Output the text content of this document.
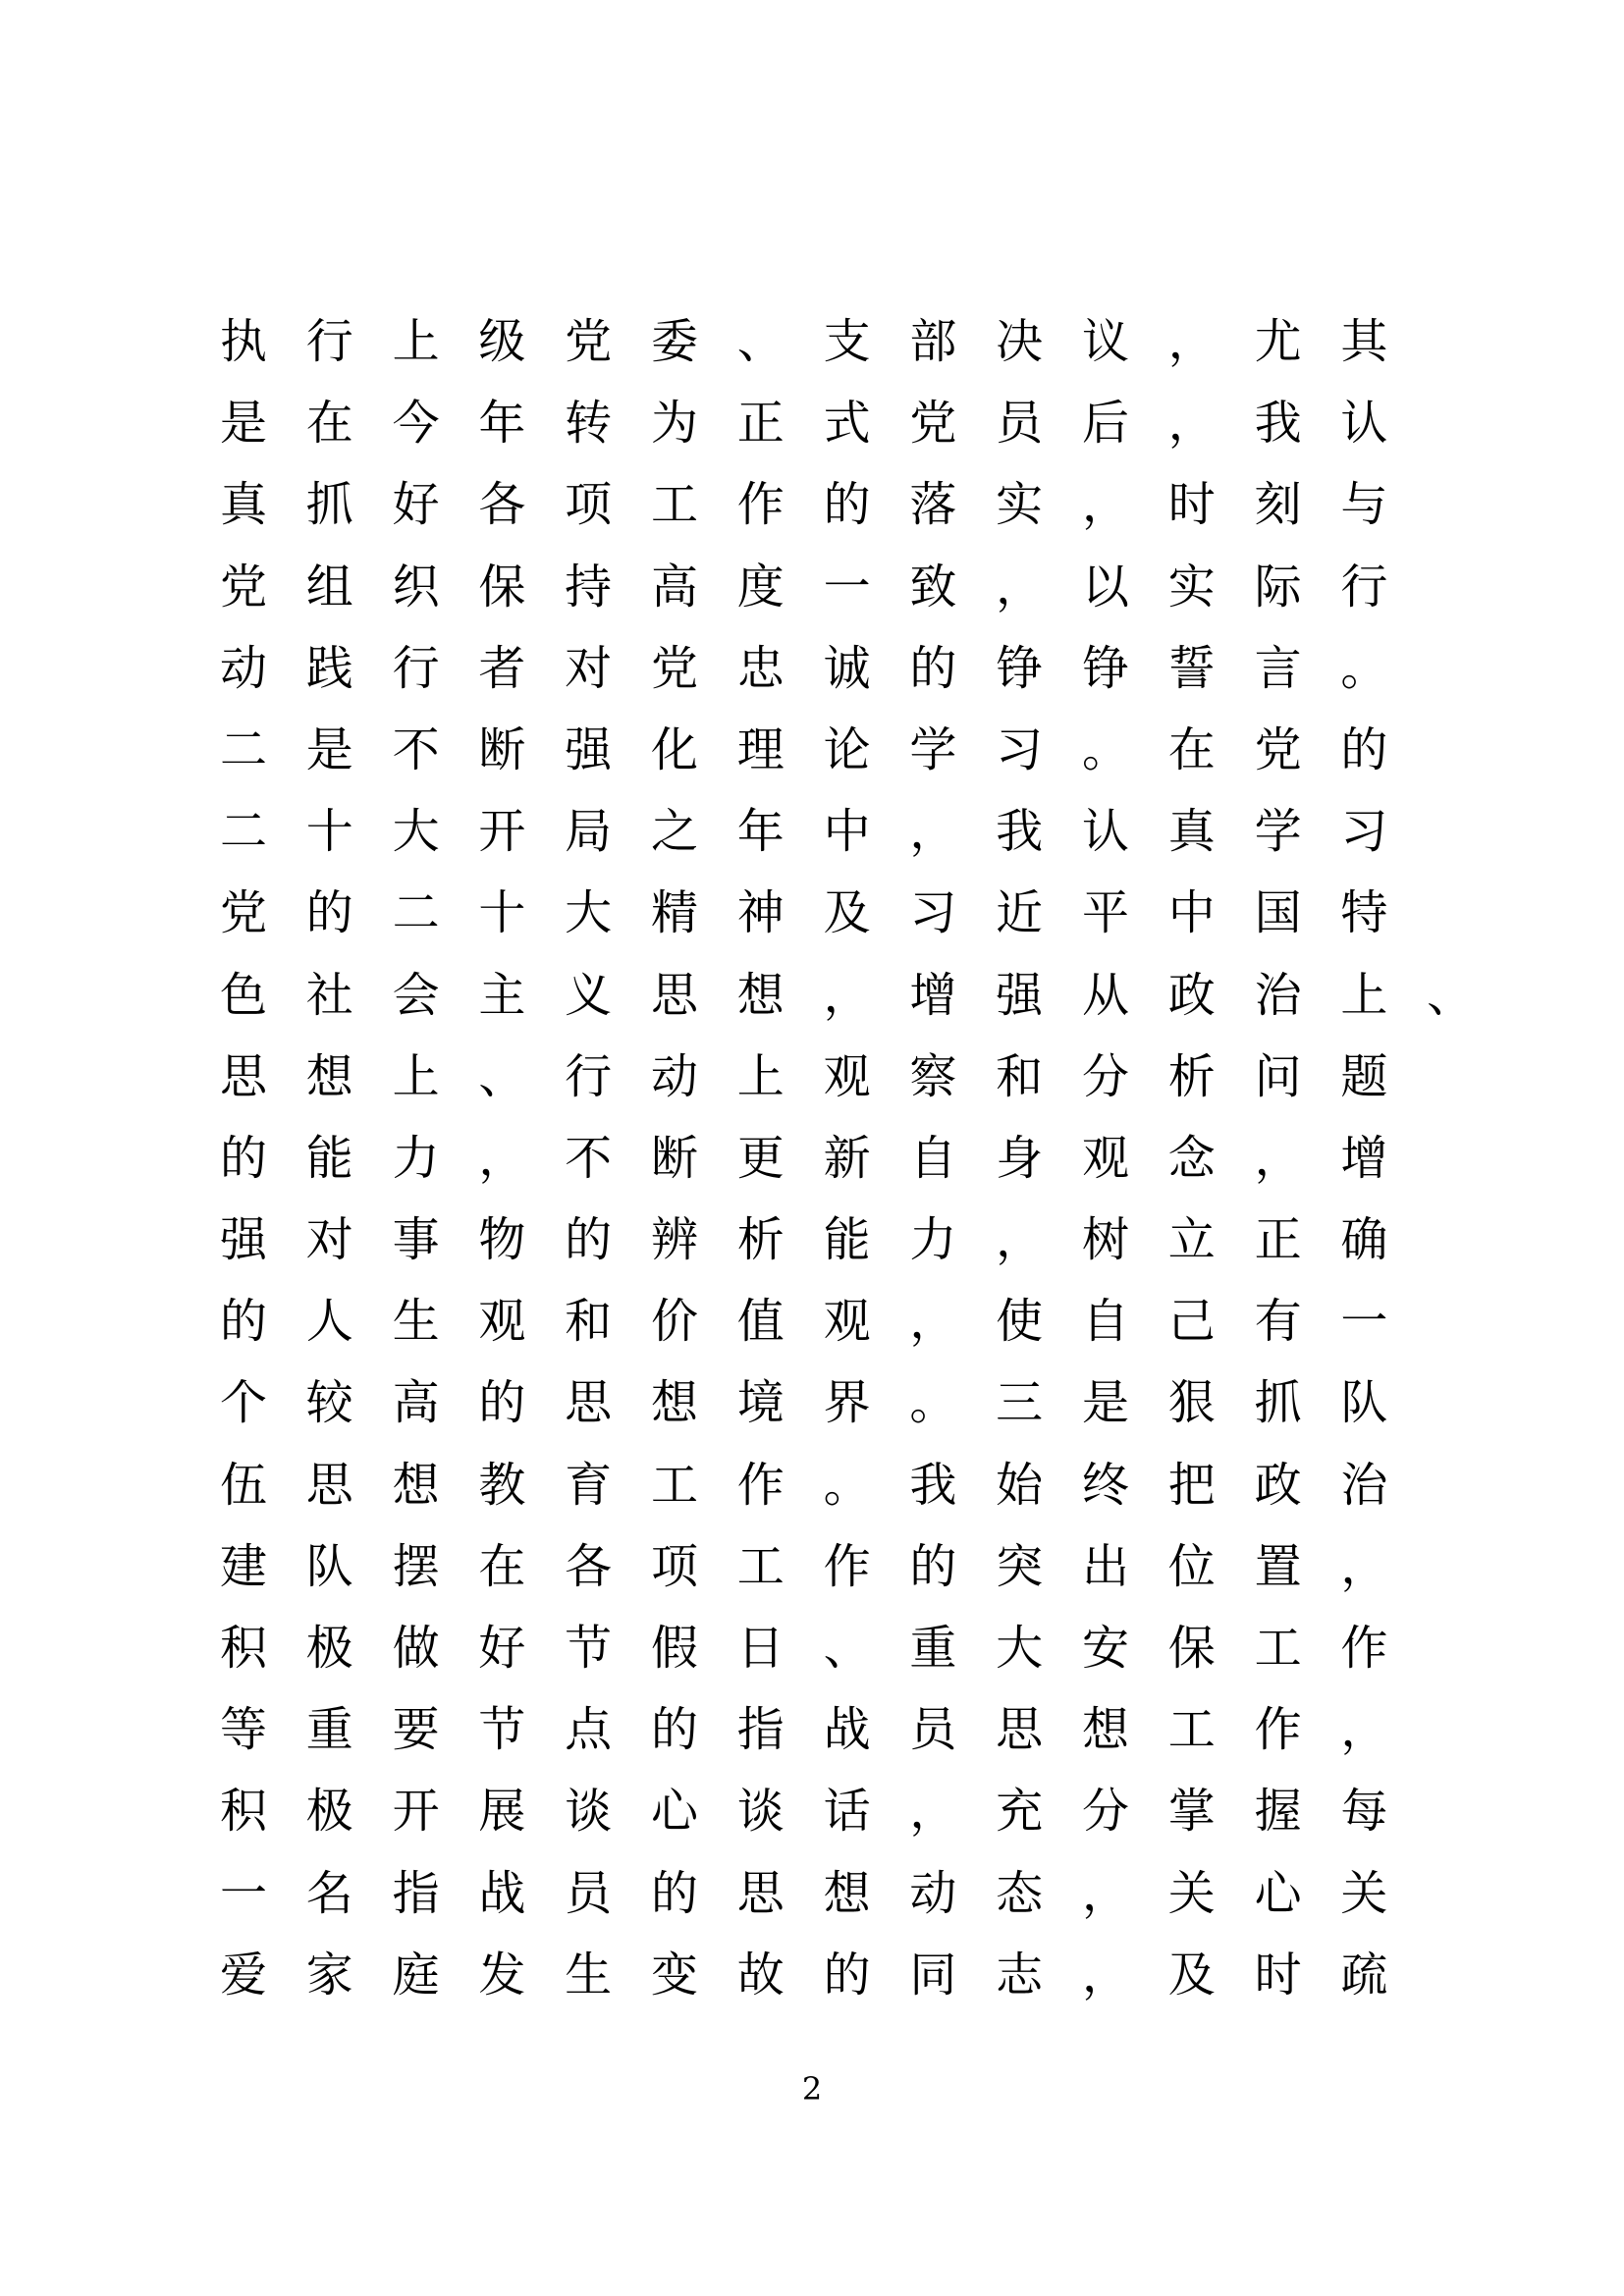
执 行 上 级 党 委 、 支 部 决 议 ， 尤 其
是 在 今 年 转 为 正 式 党 员 后 ， 我 认
真 抓 好 各 项 工 作 的 落 实 ， 时 刻 与
党 组 织 保 持 高 度 一 致 ， 以 实 际 行
动 践 行 者 对 党 忠 诚 的 铮 铮 誓 言 。
二 是 不 断 强 化 理 论 学 习 。 在 党 的
二 十 大 开 局 之 年 中 ， 我 认 真 学 习
党 的 二 十 大 精 神 及 习 近 平 中 国 特
色 社 会 主 义 思 想 ， 增 强 从 政 治 上 、
思 想 上 、 行 动 上 观 察 和 分 析 问 题
的 能 力 ， 不 断 更 新 自 身 观 念 ， 增
强 对 事 物 的 辨 析 能 力 ， 树 立 正 确
的 人 生 观 和 价 值 观 ， 使 自 己 有 一
个 较 高 的 思 想 境 界 。 三 是 狠 抓 队
伍 思 想 教 育 工 作 。 我 始 终 把 政 治
建 队 摆 在 各 项 工 作 的 突 出 位 置 ，
积 极 做 好 节 假 日 、 重 大 安 保 工 作
等 重 要 节 点 的 指 战 员 思 想 工 作 ，
积 极 开 展 谈 心 谈 话 ， 充 分 掌 握 每
一 名 指 战 员 的 思 想 动 态 ， 关 心 关
爱 家 庭 发 生 变 故 的 同 志 ， 及 时 疏
2
